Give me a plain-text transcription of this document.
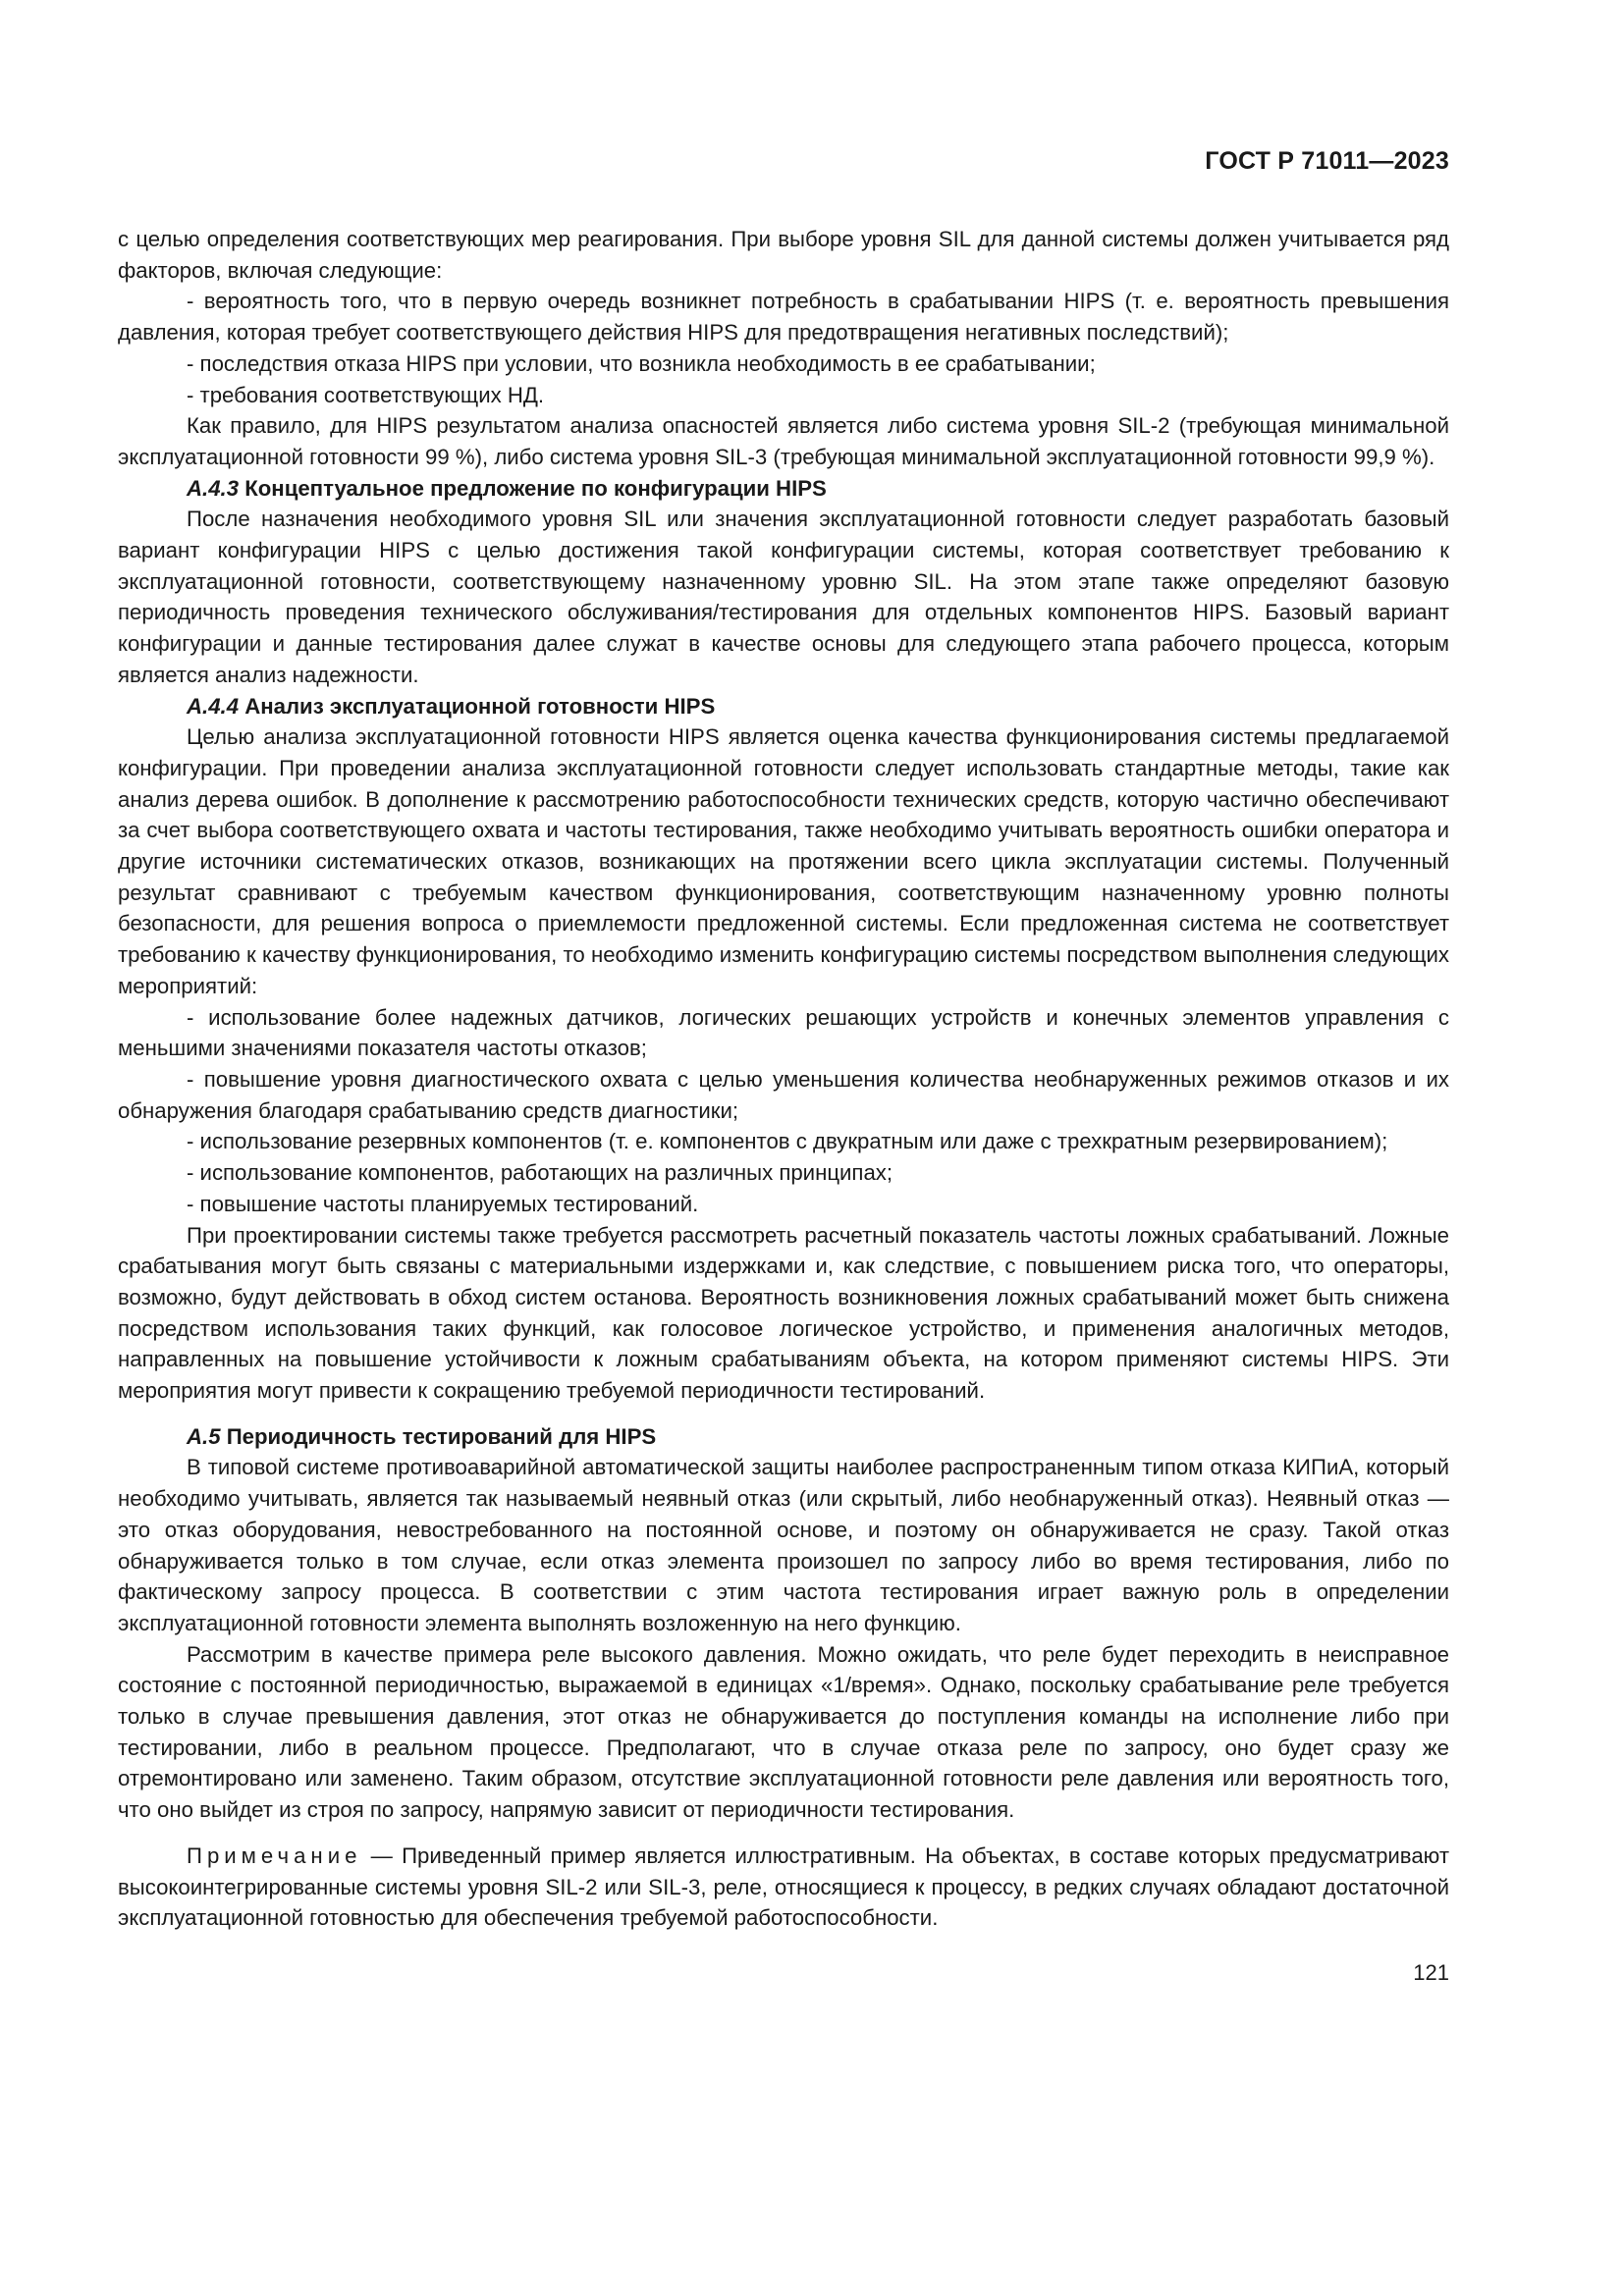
ГОСТ Р 71011—2023

с целью определения соответствующих мер реагирования. При выборе уровня SIL для данной системы должен учитывается ряд факторов, включая следующие:

- вероятность того, что в первую очередь возникнет потребность в срабатывании HIPS (т. е. вероятность превышения давления, которая требует соответствующего действия HIPS для предотвращения негативных последствий);

- последствия отказа HIPS при условии, что возникла необходимость в ее срабатывании;

- требования соответствующих НД.

Как правило, для HIPS результатом анализа опасностей является либо система уровня SIL-2 (требующая минимальной эксплуатационной готовности 99 %), либо система уровня SIL-3 (требующая минимальной эксплуатационной готовности 99,9 %).

А.4.3 Концептуальное предложение по конфигурации HIPS

После назначения необходимого уровня SIL или значения эксплуатационной готовности следует разработать базовый вариант конфигурации HIPS с целью достижения такой конфигурации системы, которая соответствует требованию к эксплуатационной готовности, соответствующему назначенному уровню SIL. На этом этапе также определяют базовую периодичность проведения технического обслуживания/тестирования для отдельных компонентов HIPS. Базовый вариант конфигурации и данные тестирования далее служат в качестве основы для следующего этапа рабочего процесса, которым является анализ надежности.

А.4.4 Анализ эксплуатационной готовности HIPS

Целью анализа эксплуатационной готовности HIPS является оценка качества функционирования системы предлагаемой конфигурации. При проведении анализа эксплуатационной готовности следует использовать стандартные методы, такие как анализ дерева ошибок. В дополнение к рассмотрению работоспособности технических средств, которую частично обеспечивают за счет выбора соответствующего охвата и частоты тестирования, также необходимо учитывать вероятность ошибки оператора и другие источники систематических отказов, возникающих на протяжении всего цикла эксплуатации системы. Полученный результат сравнивают с требуемым качеством функционирования, соответствующим назначенному уровню полноты безопасности, для решения вопроса о приемлемости предложенной системы. Если предложенная система не соответствует требованию к качеству функционирования, то необходимо изменить конфигурацию системы посредством выполнения следующих мероприятий:

- использование более надежных датчиков, логических решающих устройств и конечных элементов управления с меньшими значениями показателя частоты отказов;

- повышение уровня диагностического охвата с целью уменьшения количества необнаруженных режимов отказов и их обнаружения благодаря срабатыванию средств диагностики;

- использование резервных компонентов (т. е. компонентов с двукратным или даже с трехкратным резервированием);

- использование компонентов, работающих на различных принципах;

- повышение частоты планируемых тестирований.

При проектировании системы также требуется рассмотреть расчетный показатель частоты ложных срабатываний. Ложные срабатывания могут быть связаны с материальными издержками и, как следствие, с повышением риска того, что операторы, возможно, будут действовать в обход систем останова. Вероятность возникновения ложных срабатываний может быть снижена посредством использования таких функций, как голосовое логическое устройство, и применения аналогичных методов, направленных на повышение устойчивости к ложным срабатываниям объекта, на котором применяют системы HIPS. Эти мероприятия могут привести к сокращению требуемой периодичности тестирований.

А.5 Периодичность тестирований для HIPS

В типовой системе противоаварийной автоматической защиты наиболее распространенным типом отказа КИПиА, который необходимо учитывать, является так называемый неявный отказ (или скрытый, либо необнаруженный отказ). Неявный отказ — это отказ оборудования, невостребованного на постоянной основе, и поэтому он обнаруживается не сразу. Такой отказ обнаруживается только в том случае, если отказ элемента произошел по запросу либо во время тестирования, либо по фактическому запросу процесса. В соответствии с этим частота тестирования играет важную роль в определении эксплуатационной готовности элемента выполнять возложенную на него функцию.

Рассмотрим в качестве примера реле высокого давления. Можно ожидать, что реле будет переходить в неисправное состояние с постоянной периодичностью, выражаемой в единицах «1/время». Однако, поскольку срабатывание реле требуется только в случае превышения давления, этот отказ не обнаруживается до поступления команды на исполнение либо при тестировании, либо в реальном процессе. Предполагают, что в случае отказа реле по запросу, оно будет сразу же отремонтировано или заменено. Таким образом, отсутствие эксплуатационной готовности реле давления или вероятность того, что оно выйдет из строя по запросу, напрямую зависит от периодичности тестирования.

Примечание — Приведенный пример является иллюстративным. На объектах, в составе которых предусматривают высокоинтегрированные системы уровня SIL-2 или SIL-3, реле, относящиеся к процессу, в редких случаях обладают достаточной эксплуатационной готовностью для обеспечения требуемой работоспособности.

121
